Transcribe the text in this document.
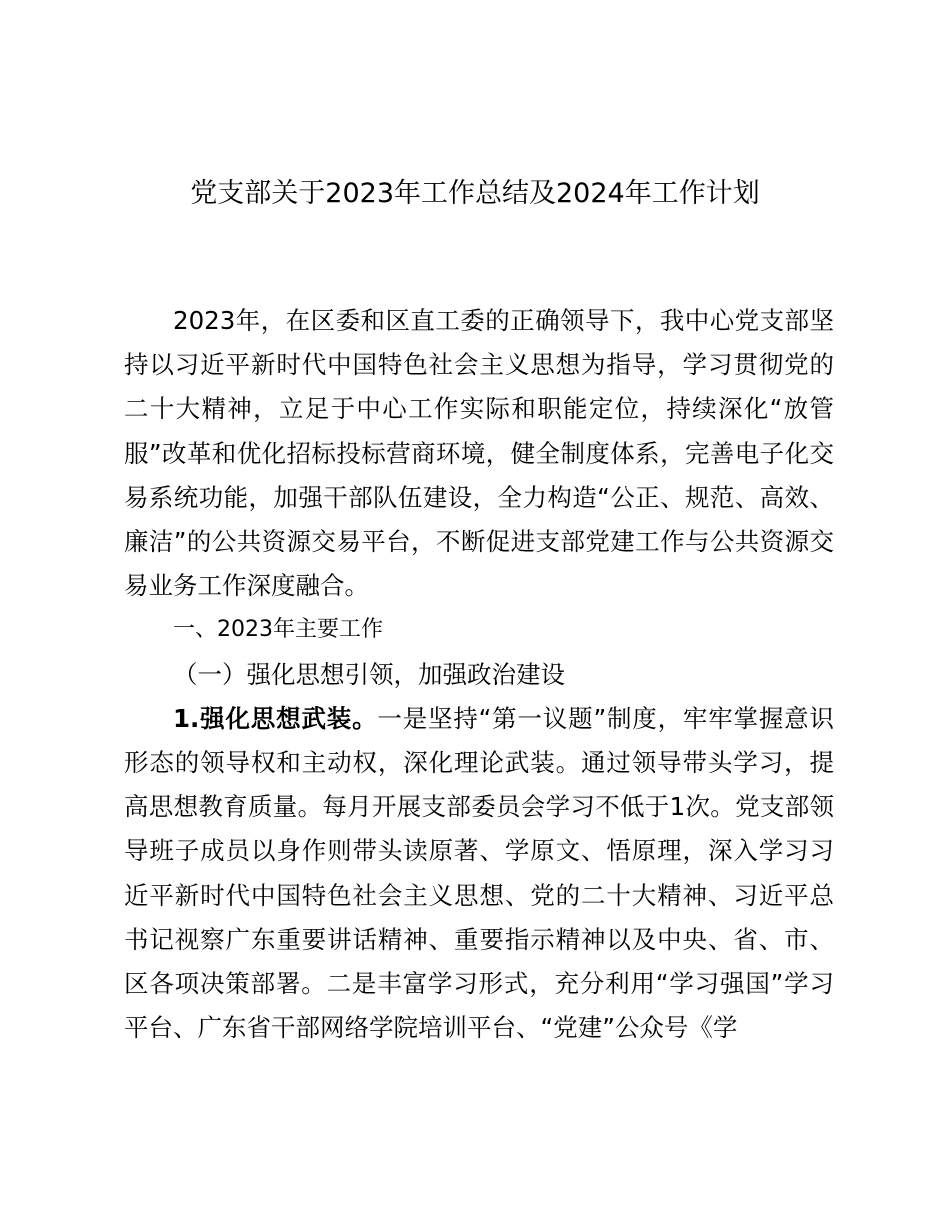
党支部关于2023年工作总结及2024年工作计划

2023年，在区委和区直工委的正确领导下，我中心党支部坚持以习近平新时代中国特色社会主义思想为指导，学习贯彻党的二十大精神，立足于中心工作实际和职能定位，持续深化“放管服”改革和优化招标投标营商环境，健全制度体系，完善电子化交易系统功能，加强干部队伍建设，全力构造“公正、规范、高效、廉洁”的公共资源交易平台，不断促进支部党建工作与公共资源交易业务工作深度融合。

一、2023年主要工作

（一）强化思想引领，加强政治建设

1.强化思想武装。一是坚持“第一议题”制度，牢牢掌握意识形态的领导权和主动权，深化理论武装。通过领导带头学习，提高思想教育质量。每月开展支部委员会学习不低于1次。党支部领导班子成员以身作则带头读原著、学原文、悟原理，深入学习习近平新时代中国特色社会主义思想、党的二十大精神、习近平总书记视察广东重要讲话精神、重要指示精神以及中央、省、市、区各项决策部署。二是丰富学习形式，充分利用“学习强国”学习平台、广东省干部网络学院培训平台、“党建”公众号《学
